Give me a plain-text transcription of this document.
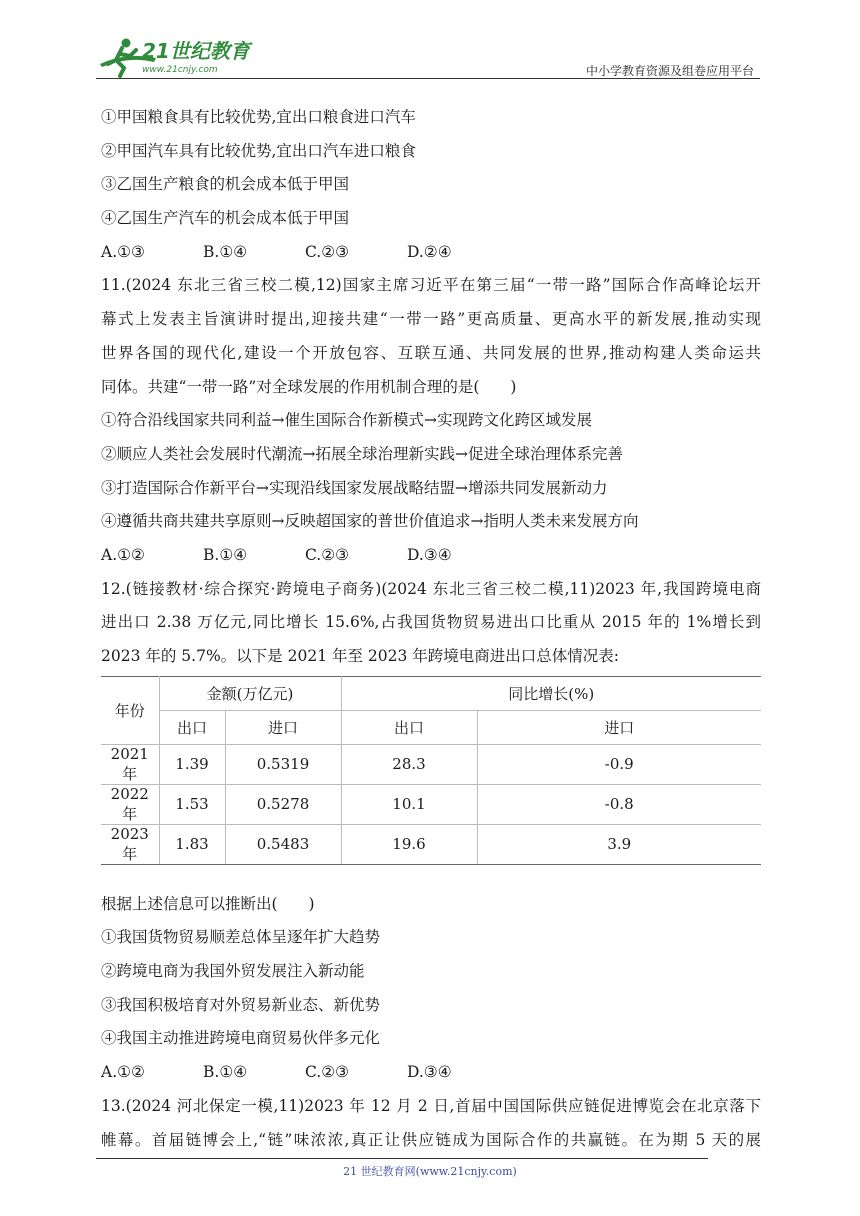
21世纪教育
www.21cnjy.com	中小学教育资源及组卷应用平台
①甲国粮食具有比较优势,宜出口粮食进口汽车
②甲国汽车具有比较优势,宜出口汽车进口粮食
③乙国生产粮食的机会成本低于甲国
④乙国生产汽车的机会成本低于甲国
A.①③	B.①④	C.②③	D.②④
11.(2024 东北三省三校二模,12)国家主席习近平在第三届“一带一路”国际合作高峰论坛开
幕式上发表主旨演讲时提出,迎接共建“一带一路”更高质量、更高水平的新发展,推动实现
世界各国的现代化,建设一个开放包容、互联互通、共同发展的世界,推动构建人类命运共
同体。共建“一带一路”对全球发展的作用机制合理的是(　　)
①符合沿线国家共同利益→催生国际合作新模式→实现跨文化跨区域发展
②顺应人类社会发展时代潮流→拓展全球治理新实践→促进全球治理体系完善
③打造国际合作新平台→实现沿线国家发展战略结盟→增添共同发展新动力
④遵循共商共建共享原则→反映超国家的普世价值追求→指明人类未来发展方向
A.①②	B.①④	C.②③	D.③④
12.(链接教材·综合探究·跨境电子商务)(2024 东北三省三校二模,11)2023 年,我国跨境电商
进出口 2.38 万亿元,同比增长 15.6%,占我国货物贸易进出口比重从 2015 年的 1%增长到
2023 年的 5.7%。以下是 2021 年至 2023 年跨境电商进出口总体情况表:
年份	金额(万亿元)		同比增长(%)	
	出口	进口	出口	进口
2021 年	1.39	0.5319	28.3	-0.9
2022 年	1.53	0.5278	10.1	-0.8
2023 年	1.83	0.5483	19.6	3.9
根据上述信息可以推断出(　　)
①我国货物贸易顺差总体呈逐年扩大趋势
②跨境电商为我国外贸发展注入新动能
③我国积极培育对外贸易新业态、新优势
④我国主动推进跨境电商贸易伙伴多元化
A.①②	B.①④	C.②③	D.③④
13.(2024 河北保定一模,11)2023 年 12 月 2 日,首届中国国际供应链促进博览会在北京落下
帷幕。首届链博会上,“链”味浓浓,真正让供应链成为国际合作的共赢链。在为期 5 天的展
21 世纪教育网(www.21cnjy.com)
